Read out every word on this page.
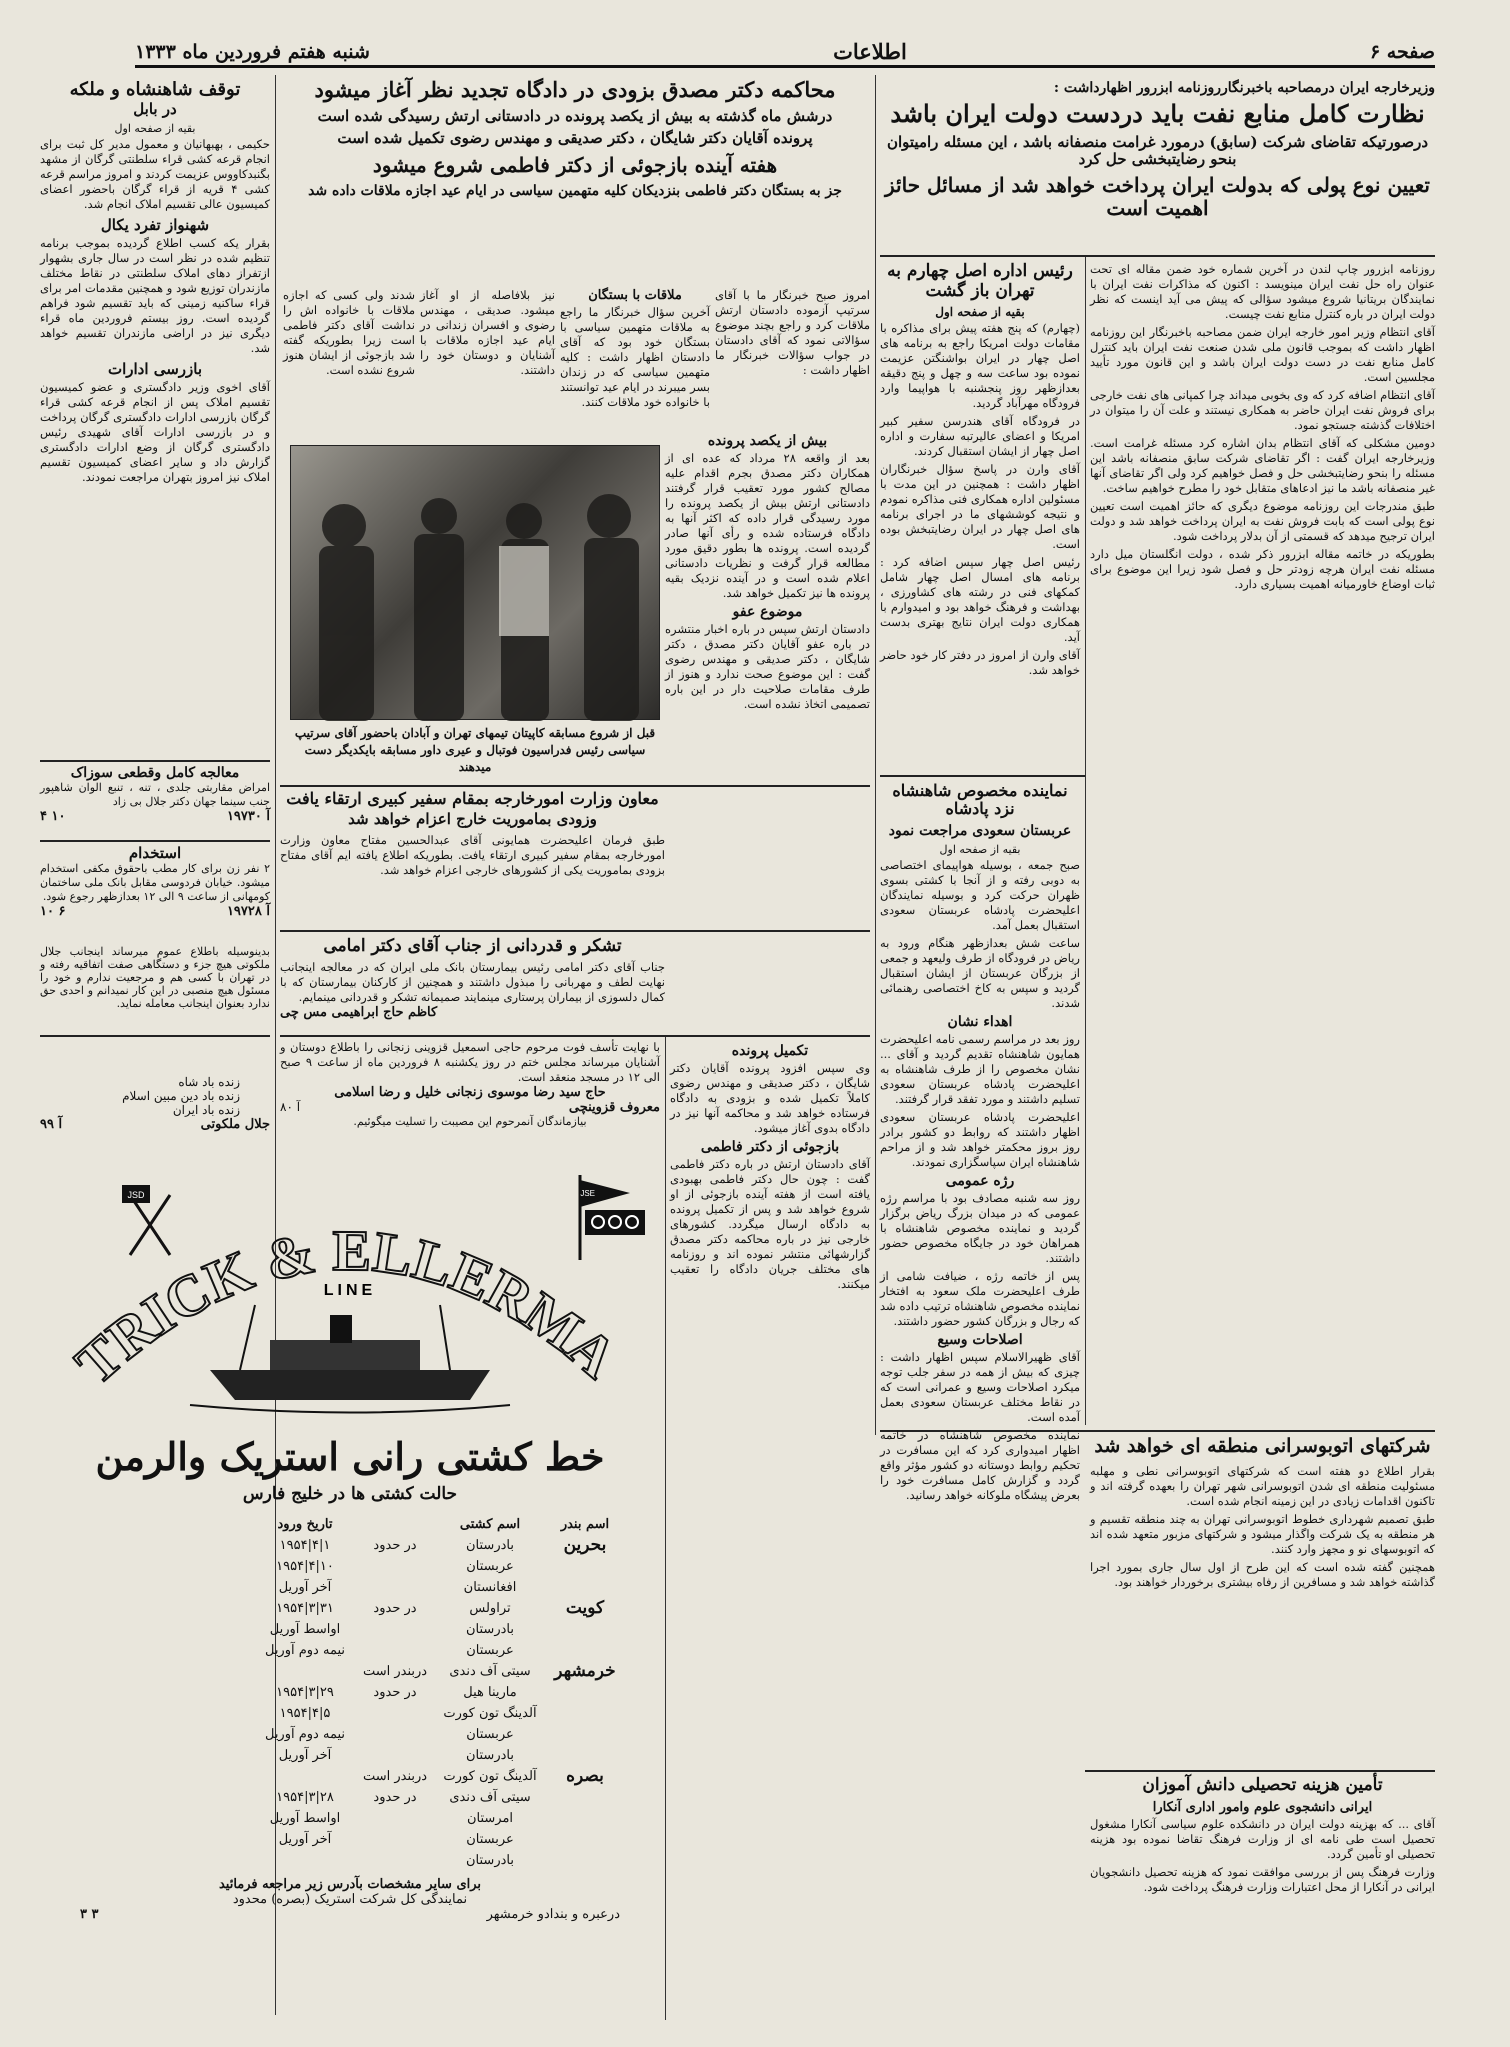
صفحه ۶
اطلاعات
شنبه هفتم فروردین ماه ۱۳۳۳
وزیرخارجه ایران درمصاحبه باخبرنگارروزنامه ابزرور اظهارداشت :
نظارت کامل منابع نفت باید دردست دولت ایران باشد
درصورتیکه تقاضای شرکت (سابق) درمورد غرامت منصفانه باشد ، این مسئله رامیتوان بنحو رضایتبخشی حل کرد
تعیین نوع پولی که بدولت ایران پرداخت خواهد شد از مسائل حائز اهمیت است

روزنامه ابزرور چاپ لندن در آخرین شماره خود ضمن مقاله ای تحت عنوان راه حل نفت ایران مینویسد : اکنون که مذاکرات نفت ایران با نمایندگان بریتانیا شروع میشود سؤالی که پیش می آید اینست که نظر دولت ایران در باره کنترل منابع نفت چیست.

آقای انتظام وزیر امور خارجه ایران ضمن مصاحبه باخبرنگار این روزنامه اظهار داشت که بموجب قانون ملی شدن صنعت نفت ایران باید کنترل کامل منابع نفت در دست دولت ایران باشد و این قانون مورد تأیید مجلسین است.

آقای انتظام اضافه کرد که وی بخوبی میداند چرا کمپانی های نفت خارجی برای فروش نفت ایران حاضر به همکاری نیستند و علت آن را میتوان در اختلافات گذشته جستجو نمود.

دومین مشکلی که آقای انتظام بدان اشاره کرد مسئله غرامت است. وزیرخارجه ایران گفت : اگر تقاضای شرکت سابق منصفانه باشد این مسئله را بنحو رضایتبخشی حل و فصل خواهیم کرد ولی اگر تقاضای آنها غیر منصفانه باشد ما نیز ادعاهای متقابل خود را مطرح خواهیم ساخت.

طبق مندرجات این روزنامه موضوع دیگری که حائز اهمیت است تعیین نوع پولی است که بابت فروش نفت به ایران پرداخت خواهد شد و دولت ایران ترجیح میدهد که قسمتی از آن بدلار پرداخت شود.

بطوریکه در خاتمه مقاله ابزرور ذکر شده ، دولت انگلستان میل دارد مسئله نفت ایران هرچه زودتر حل و فصل شود زیرا این موضوع برای ثبات اوضاع خاورمیانه اهمیت بسیاری دارد.

رئیس اداره اصل چهارم به تهران باز گشت
بقیه از صفحه اول

(چهارم) که پنج هفته پیش برای مذاکره با مقامات دولت امریکا راجع به برنامه های اصل چهار در ایران بواشنگتن عزیمت نموده بود ساعت سه و چهل و پنج دقیقه بعدازظهر روز پنجشنبه با هواپیما وارد فرودگاه مهرآباد گردید.

در فرودگاه آقای هندرسن سفیر کبیر امریکا و اعضای عالیرتبه سفارت و اداره اصل چهار از ایشان استقبال کردند.

آقای وارن در پاسخ سؤال خبرنگاران اظهار داشت : همچنین در این مدت با مسئولین اداره همکاری فنی مذاکره نمودم و نتیجه کوششهای ما در اجرای برنامه های اصل چهار در ایران رضایتبخش بوده است.

رئیس اصل چهار سپس اضافه کرد : برنامه های امسال اصل چهار شامل کمکهای فنی در رشته های کشاورزی ، بهداشت و فرهنگ خواهد بود و امیدوارم با همکاری دولت ایران نتایج بهتری بدست آید.

آقای وارن از امروز در دفتر کار خود حاضر خواهد شد.

نماینده مخصوص شاهنشاه نزد پادشاه
عربستان سعودی مراجعت نمود
بقیه از صفحه اول

صبح جمعه ، بوسیله هواپیمای اختصاصی به دوبی رفته و از آنجا با کشتی بسوی ظهران حرکت کرد و بوسیله نمایندگان اعلیحضرت پادشاه عربستان سعودی استقبال بعمل آمد.

ساعت شش بعدازظهر هنگام ورود به ریاض در فرودگاه از طرف ولیعهد و جمعی از بزرگان عربستان از ایشان استقبال گردید و سپس به کاخ اختصاصی رهنمائی شدند.

اهداء نشان

روز بعد در مراسم رسمی نامه اعلیحضرت همایون شاهنشاه تقدیم گردید و آقای ... نشان مخصوص را از طرف شاهنشاه به اعلیحضرت پادشاه عربستان سعودی تسلیم داشتند و مورد تفقد قرار گرفتند.

اعلیحضرت پادشاه عربستان سعودی اظهار داشتند که روابط دو کشور برادر روز بروز محکمتر خواهد شد و از مراحم شاهنشاه ایران سپاسگزاری نمودند.

رژه عمومی

روز سه شنبه مصادف بود با مراسم رژه عمومی که در میدان بزرگ ریاض برگزار گردید و نماینده مخصوص شاهنشاه با همراهان خود در جایگاه مخصوص حضور داشتند.

پس از خاتمه رژه ، ضیافت شامی از طرف اعلیحضرت ملک سعود به افتخار نماینده مخصوص شاهنشاه ترتیب داده شد که رجال و بزرگان کشور حضور داشتند.

اصلاحات وسیع

آقای ظهیرالاسلام سپس اظهار داشت : چیزی که بیش از همه در سفر جلب توجه میکرد اصلاحات وسیع و عمرانی است که در نقاط مختلف عربستان سعودی بعمل آمده است.

نماینده مخصوص شاهنشاه در خاتمه اظهار امیدواری کرد که این مسافرت در تحکیم روابط دوستانه دو کشور مؤثر واقع گردد و گزارش کامل مسافرت خود را بعرض پیشگاه ملوکانه خواهد رسانید.

شرکتهای اتوبوسرانی منطقه ای خواهد شد

بقرار اطلاع دو هفته است که شرکتهای اتوبوسرانی نطی و مهلبه مسئولیت منطقه ای شدن اتوبوسرانی شهر تهران را بعهده گرفته اند و تاکنون اقدامات زیادی در این زمینه انجام شده است.

طبق تصمیم شهرداری خطوط اتوبوسرانی تهران به چند منطقه تقسیم و هر منطقه به یک شرکت واگذار میشود و شرکتهای مزبور متعهد شده اند که اتوبوسهای نو و مجهز وارد کنند.

همچنین گفته شده است که این طرح از اول سال جاری بمورد اجرا گذاشته خواهد شد و مسافرین از رفاه بیشتری برخوردار خواهند بود.

تأمین هزینه تحصیلی دانش آموزان
ایرانی دانشجوی علوم وامور اداری آنکارا

آقای ... که بهزینه دولت ایران در دانشکده علوم سیاسی آنکارا مشغول تحصیل است طی نامه ای از وزارت فرهنگ تقاضا نموده بود هزینه تحصیلی او تأمین گردد.

وزارت فرهنگ پس از بررسی موافقت نمود که هزینه تحصیل دانشجویان ایرانی در آنکارا از محل اعتبارات وزارت فرهنگ پرداخت شود.

محاکمه دکتر مصدق بزودی در دادگاه تجدید نظر آغاز میشود
درشش ماه گذشته به بیش از یکصد پرونده در دادستانی ارتش رسیدگی شده است
پرونده آقایان دکتر شایگان ، دکتر صدیقی و مهندس رضوی تکمیل شده است
هفته آینده بازجوئی از دکتر فاطمی شروع میشود
جز به بستگان دکتر فاطمی بنزدیکان کلیه متهمین سیاسی در ایام عید اجازه ملاقات داده شد

امروز صبح خبرنگار ما با آقای سرتیپ آزموده دادستان ارتش ملاقات کرد و راجع بچند موضوع سؤالاتی نمود که آقای دادستان در جواب سؤالات خبرنگار ما اظهار داشت :

ملاقات با بستگان

آخرین سؤال خبرنگار ما راجع به ملاقات متهمین سیاسی با بستگان خود بود که آقای دادستان اظهار داشت : کلیه متهمین سیاسی که در زندان بسر میبرند در ایام عید توانستند با خانواده خود ملاقات کنند.

نیز بلافاصله از او آغاز میشود. صدیقی ، مهندس رضوی و افسران زندانی در ایام عید اجازه ملاقات با آشنایان و دوستان خود را داشتند.

شدند ولی کسی که اجازه ملاقات با خانواده اش را نداشت آقای دکتر فاطمی است زیرا بطوریکه گفته شد بازجوئی از ایشان هنوز شروع نشده است.

قبل از شروع مسابقه کاپیتان تیمهای تهران و آبادان باحضور آقای سرتیپ سیاسی رئیس فدراسیون فوتبال و عیری داور مسابقه بایکدیگر دست میدهند
بیش از یکصد پرونده

بعد از واقعه ۲۸ مرداد که عده ای از همکاران دکتر مصدق بجرم اقدام علیه مصالح کشور مورد تعقیب قرار گرفتند دادستانی ارتش بیش از یکصد پرونده را مورد رسیدگی قرار داده که اکثر آنها به دادگاه فرستاده شده و رأی آنها صادر گردیده است. پرونده ها بطور دقیق مورد مطالعه قرار گرفت و نظریات دادستانی اعلام شده است و در آینده نزدیک بقیه پرونده ها نیز تکمیل خواهد شد.

موضوع عفو

دادستان ارتش سپس در باره اخبار منتشره در باره عفو آقایان دکتر مصدق ، دکتر شایگان ، دکتر صدیقی و مهندس رضوی گفت : این موضوع صحت ندارد و هنوز از طرف مقامات صلاحیت دار در این باره تصمیمی اتخاذ نشده است.

تکمیل پرونده

وی سپس افزود پرونده آقایان دکتر شایگان ، دکتر صدیقی و مهندس رضوی کاملاً تکمیل شده و بزودی به دادگاه فرستاده خواهد شد و محاکمه آنها نیز در دادگاه بدوی آغاز میشود.

بازجوئی از دکتر فاطمی

آقای دادستان ارتش در باره دکتر فاطمی گفت : چون حال دکتر فاطمی بهبودی یافته است از هفته آینده بازجوئی از او شروع خواهد شد و پس از تکمیل پرونده به دادگاه ارسال میگردد. کشورهای خارجی نیز در باره محاکمه دکتر مصدق گزارشهائی منتشر نموده اند و روزنامه های مختلف جریان دادگاه را تعقیب میکنند.

معاون وزارت امورخارجه بمقام سفیر کبیری ارتقاء یافت
وزودی بماموریت خارج اعزام خواهد شد
طبق فرمان اعلیحضرت همایونی آقای عبدالحسین مفتاح معاون وزارت امورخارجه بمقام سفیر کبیری ارتقاء یافت. بطوریکه اطلاع یافته ایم آقای مفتاح بزودی بماموریت یکی از کشورهای خارجی اعزام خواهد شد.
تشکر و قدردانی از جناب آقای دکتر امامی
جناب آقای دکتر امامی رئیس بیمارستان بانک ملی ایران که در معالجه اینجانب نهایت لطف و مهربانی را مبذول داشتند و همچنین از کارکنان بیمارستان که با کمال دلسوزی از بیماران پرستاری مینمایند صمیمانه تشکر و قدردانی مینمایم.
کاظم حاج ابراهیمی مس چی
با نهایت تأسف فوت مرحوم حاجی اسمعیل قزوینی زنجانی را باطلاع دوستان و آشنایان میرساند مجلس ختم در روز یکشنبه ۸ فروردین ماه از ساعت ۹ صبح الی ۱۲ در مسجد منعقد است.
حاج سید رضا موسوی زنجانی خلیل و رضا اسلامی
معروف قزوینچی
آ ۸۰
بیازماندگان آنمرحوم این مصیبت را تسلیت میگوئیم.
توقف شاهنشاه و ملکه
در بابل
بقیه از صفحه اول
حکیمی ، بهبهانیان و معمول مدیر کل ثبت برای انجام قرعه کشی قراء سلطنتی گرگان از مشهد بگنبدکاووس عزیمت کردند و امروز مراسم قرعه کشی ۴ قریه از قراء گرگان باحضور اعضای کمیسیون عالی تقسیم املاک انجام شد.
شهنواز تفرد یکال
بقرار یکه کسب اطلاع گردیده بموجب برنامه تنظیم شده در نظر است در سال جاری بشهوار ازتفراز دهای املاک سلطنتی در نقاط مختلف مازندران توزیع شود و همچنین مقدمات امر برای قراء ساکنیه زمینی که باید تقسیم شود فراهم گردیده است. روز بیستم فروردین ماه قراء دیگری نیز در اراضی مازندران تقسیم خواهد شد.
بازرسی ادارات
آقای اخوی وزیر دادگستری و عضو کمیسیون تقسیم املاک پس از انجام قرعه کشی قراء گرگان بازرسی ادارات دادگستری گرگان پرداخت و در بازرسی ادارات آقای شهیدی رئیس دادگستری گرگان از وضع ادارات دادگستری گزارش داد و سایر اعضای کمیسیون تقسیم املاک نیز امروز بتهران مراجعت نمودند.
معالجه کامل وقطعی سوزاک
امراض مقاربتی جلدی ، تنه ، تنبع الوان شاهپور جنب سینما جهان دکتر جلال بی زاد
آ ۱۹۷۳۰
۱۰ ۴
استخدام
۲ نفر زن برای کار مطب باحقوق مکفی استخدام میشود. خیابان فردوسی مقابل بانک ملی ساختمان کومهانی از ساعت ۹ الی ۱۲ بعدازظهر رجوع شود.
آ ۱۹۷۲۸
۶ ۱۰
بدینوسیله باطلاع عموم میرساند اینجانب جلال ملکوتی هیچ جزء و دستگاهی صفت اتفاقیه رفته و در تهران با کسی هم و مرجعیت ندارم و خود را مسئول هیچ منصبی در این کار نمیدانم و احدی حق ندارد بعنوان اینجانب معامله نماید.
زنده باد شاه
زنده باد دین مبین اسلام
زنده باد ایران
جلال ملکوتی
آ ۹۹
TRICK & ELLERMA
LINE
JSD	JSE
خط کشتی رانی استریک والرمن
حالت کشتی ها در خلیج فارس
اسم بندر
اسم کشتی
تاریخ ورود
بحرین
بادرستان
در حدود
۱۹۵۴|۴|۱
عربستان
۱۹۵۴|۴|۱۰
افغانستان
آخر آوریل
کویت
تراولس
در حدود
۱۹۵۴|۳|۳۱
بادرستان
اواسط آوریل
عربستان
نیمه دوم آوریل
خرمشهر
سیتی آف دندی
دربندر است
مارینا هیل
در حدود
۱۹۵۴|۳|۲۹
آلدینگ تون کورت
۱۹۵۴|۴|۵
عربستان
نیمه دوم آوریل
بادرستان
آخر آوریل
بصره
آلدینگ تون کورت
دربندر است
سیتی آف دندی
در حدود
۱۹۵۴|۳|۲۸
امرستان
اواسط آوریل
عربستان
آخر آوریل
بادرستان
برای سایر مشخصات بآدرس زیر مراجعه فرمائید
نمایندگی کل شرکت استریک (بصره) محدود
درعبره و بندادو خرمشهر
۳ ۳
